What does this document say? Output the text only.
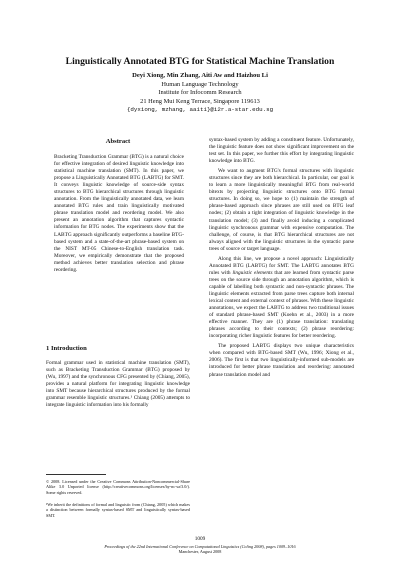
Linguistically Annotated BTG for Statistical Machine Translation
Deyi Xiong, Min Zhang, Aiti Aw and Haizhou Li
Human Language Technology
Institute for Infocomm Research
21 Heng Mui Keng Terrace, Singapore 119613
{dyxiong, mzhang, aaiti}@i2r.a-star.edu.sg
Abstract
Bracketing Transduction Grammar (BTG) is a natural choice for effective integration of desired linguistic knowledge into statistical machine translation (SMT). In this paper, we propose a Linguistically Annotated BTG (LABTG) for SMT. It conveys linguistic knowledge of source-side syntax structures to BTG hierarchical structures through linguistic annotation. From the linguistically annotated data, we learn annotated BTG rules and train linguistically motivated phrase translation model and reordering model. We also present an annotation algorithm that captures syntactic information for BTG nodes. The experiments show that the LABTG approach significantly outperforms a baseline BTG-based system and a state-of-the-art phrase-based system on the NIST MT-05 Chinese-to-English translation task. Moreover, we empirically demonstrate that the proposed method achieves better translation selection and phrase reordering.
1 Introduction
Formal grammar used in statistical machine translation (SMT), such as Bracketing Transduction Grammar (BTG) proposed by (Wu, 1997) and the synchronous CFG presented by (Chiang, 2005), provides a natural platform for integrating linguistic knowledge into SMT because hierarchical structures produced by the formal grammar resemble linguistic structures.¹ Chiang (2005) attempts to integrate linguistic information into his formally
© 2008. Licensed under the Creative Commons Attribution-Noncommercial-Share Alike 3.0 Unported license (http://creativecommons.org/licenses/by-nc-sa/3.0/). Some rights reserved.
¹We inherit the definitions of formal and linguistic from (Chiang, 2005) which makes a distinction between formally syntax-based SMT and linguistically syntax-based SMT.

syntax-based system by adding a constituent feature. Unfortunately, the linguistic feature does not show significant improvement on the test set. In this paper, we further this effort by integrating linguistic knowledge into BTG.

We want to augment BTG's formal structures with linguistic structures since they are both hierarchical. In particular, our goal is to learn a more linguistically meaningful BTG from real-world bitexts by projecting linguistic structures onto BTG formal structures. In doing so, we hope to (1) maintain the strength of phrase-based approach since phrases are still used on BTG leaf nodes; (2) obtain a tight integration of linguistic knowledge in the translation model; (3) and finally avoid inducing a complicated linguistic synchronous grammar with expensive computation. The challenge, of course, is that BTG hierarchical structures are not always aligned with the linguistic structures in the syntactic parse trees of source or target language.

Along this line, we propose a novel approach: Linguistically Annotated BTG (LABTG) for SMT. The LABTG annotates BTG rules with linguistic elements that are learned from syntactic parse trees on the source side through an annotation algorithm, which is capable of labelling both syntactic and non-syntactic phrases. The linguistic elements extracted from parse trees capture both internal lexical content and external context of phrases. With these linguistic annotations, we expect the LABTG to address two traditional issues of standard phrase-based SMT (Koehn et al., 2003) in a more effective manner. They are (1) phrase translation: translating phrases according to their contexts; (2) phrase reordering: incorporating richer linguistic features for better reordering.

The proposed LABTG displays two unique characteristics when compared with BTG-based SMT (Wu, 1996; Xiong et al., 2006). The first is that two linguistically-informed sub-models are introduced for better phrase translation and reordering: annotated phrase translation model and

1009
Proceedings of the 22nd International Conference on Computational Linguistics (Coling 2008), pages 1009–1016
Manchester, August 2008
